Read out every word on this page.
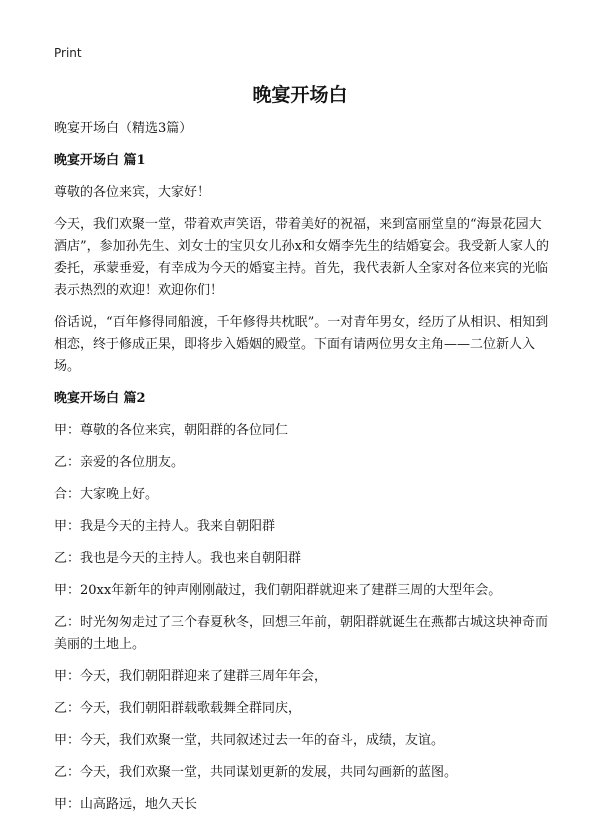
Print
晚宴开场白

晚宴开场白（精选3篇）

晚宴开场白 篇1

尊敬的各位来宾，大家好！

今天，我们欢聚一堂，带着欢声笑语，带着美好的祝福，来到富丽堂皇的“海景花园大酒店”，参加孙先生、刘女士的宝贝女儿孙x和女婿李先生的结婚宴会。我受新人家人的委托，承蒙垂爱，有幸成为今天的婚宴主持。首先，我代表新人全家对各位来宾的光临表示热烈的欢迎！欢迎你们！

俗话说，“百年修得同船渡，千年修得共枕眠”。一对青年男女，经历了从相识、相知到相恋，终于修成正果，即将步入婚姻的殿堂。下面有请两位男女主角——二位新人入场。

晚宴开场白 篇2

甲：尊敬的各位来宾，朝阳群的各位同仁

乙：亲爱的各位朋友。

合：大家晚上好。

甲：我是今天的主持人。我来自朝阳群

乙：我也是今天的主持人。我也来自朝阳群

甲：20xx年新年的钟声刚刚敲过，我们朝阳群就迎来了建群三周的大型年会。

乙：时光匆匆走过了三个春夏秋冬，回想三年前，朝阳群就诞生在燕都古城这块神奇而美丽的土地上。

甲：今天，我们朝阳群迎来了建群三周年年会，

乙：今天，我们朝阳群载歌载舞全群同庆，

甲：今天，我们欢聚一堂，共同叙述过去一年的奋斗，成绩，友谊。

乙：今天，我们欢聚一堂，共同谋划更新的发展，共同勾画新的蓝图。

甲：山高路远，地久天长
